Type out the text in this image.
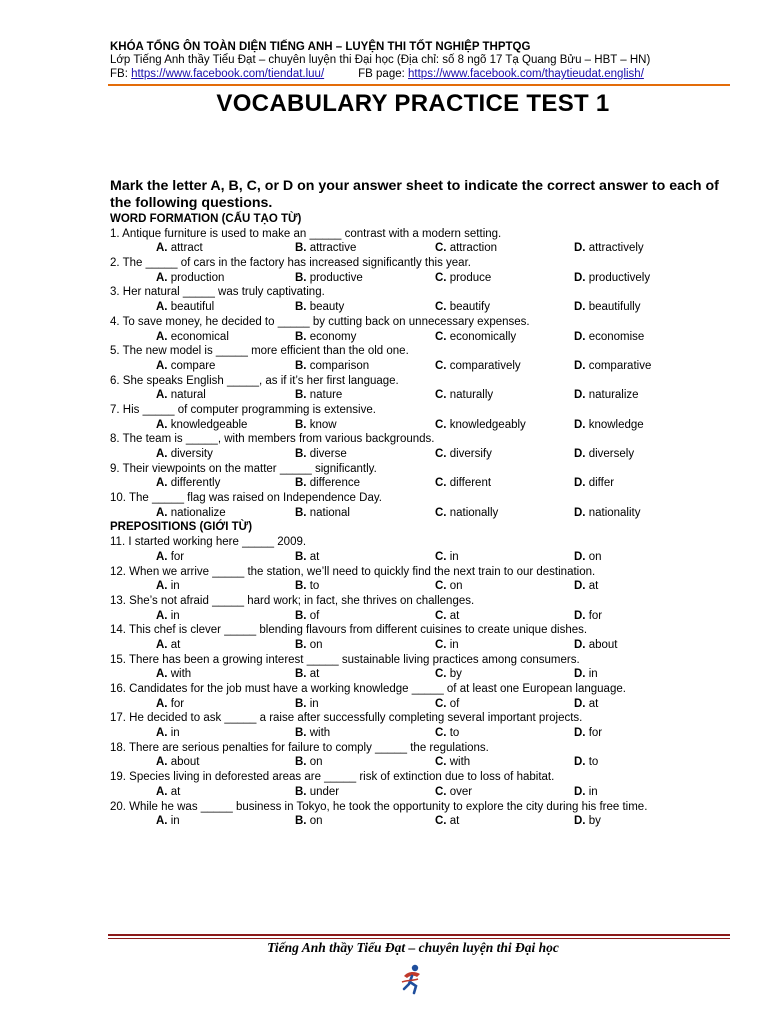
KHÓA TỔNG ÔN TOÀN DIỆN TIẾNG ANH – LUYỆN THI TỐT NGHIỆP THPTQG
Lớp Tiếng Anh thầy Tiểu Đạt – chuyên luyện thi Đại học (Địa chỉ: số 8 ngõ 17 Tạ Quang Bửu – HBT – HN)
FB: https://www.facebook.com/tiendat.luu/	FB page: https://www.facebook.com/thaytieudat.english/
VOCABULARY PRACTICE TEST 1
Mark the letter A, B, C, or D on your answer sheet to indicate the correct answer to each of the following questions.
WORD FORMATION (CẤU TẠO TỪ)
1. Antique furniture is used to make an _____ contrast with a modern setting.
A. attract	B. attractive	C. attraction	D. attractively
2. The _____ of cars in the factory has increased significantly this year.
A. production	B. productive	C. produce	D. productively
3. Her natural _____ was truly captivating.
A. beautiful	B. beauty	C. beautify	D. beautifully
4. To save money, he decided to _____ by cutting back on unnecessary expenses.
A. economical	B. economy	C. economically	D. economise
5. The new model is _____ more efficient than the old one.
A. compare	B. comparison	C. comparatively	D. comparative
6. She speaks English _____, as if it’s her first language.
A. natural	B. nature	C. naturally	D. naturalize
7. His _____ of computer programming is extensive.
A. knowledgeable	B. know	C. knowledgeably	D. knowledge
8. The team is _____, with members from various backgrounds.
A. diversity	B. diverse	C. diversify	D. diversely
9. Their viewpoints on the matter _____ significantly.
A. differently	B. difference	C. different	D. differ
10. The _____ flag was raised on Independence Day.
A. nationalize	B. national	C. nationally	D. nationality
PREPOSITIONS (GIỚI TỪ)
11. I started working here _____ 2009.
A. for	B. at	C. in	D. on
12. When we arrive _____ the station, we’ll need to quickly find the next train to our destination.
A. in	B. to	C. on	D. at
13. She’s not afraid _____ hard work; in fact, she thrives on challenges.
A. in	B. of	C. at	D. for
14. This chef is clever _____ blending flavours from different cuisines to create unique dishes.
A. at	B. on	C. in	D. about
15. There has been a growing interest _____ sustainable living practices among consumers.
A. with	B. at	C. by	D. in
16. Candidates for the job must have a working knowledge _____ of at least one European language.
A. for	B. in	C. of	D. at
17. He decided to ask _____ a raise after successfully completing several important projects.
A. in	B. with	C. to	D. for
18. There are serious penalties for failure to comply _____ the regulations.
A. about	B. on	C. with	D. to
19. Species living in deforested areas are _____ risk of extinction due to loss of habitat.
A. at	B. under	C. over	D. in
20. While he was _____ business in Tokyo, he took the opportunity to explore the city during his free time.
A. in	B. on	C. at	D. by
Tiếng Anh thầy Tiểu Đạt – chuyên luyện thi Đại học
